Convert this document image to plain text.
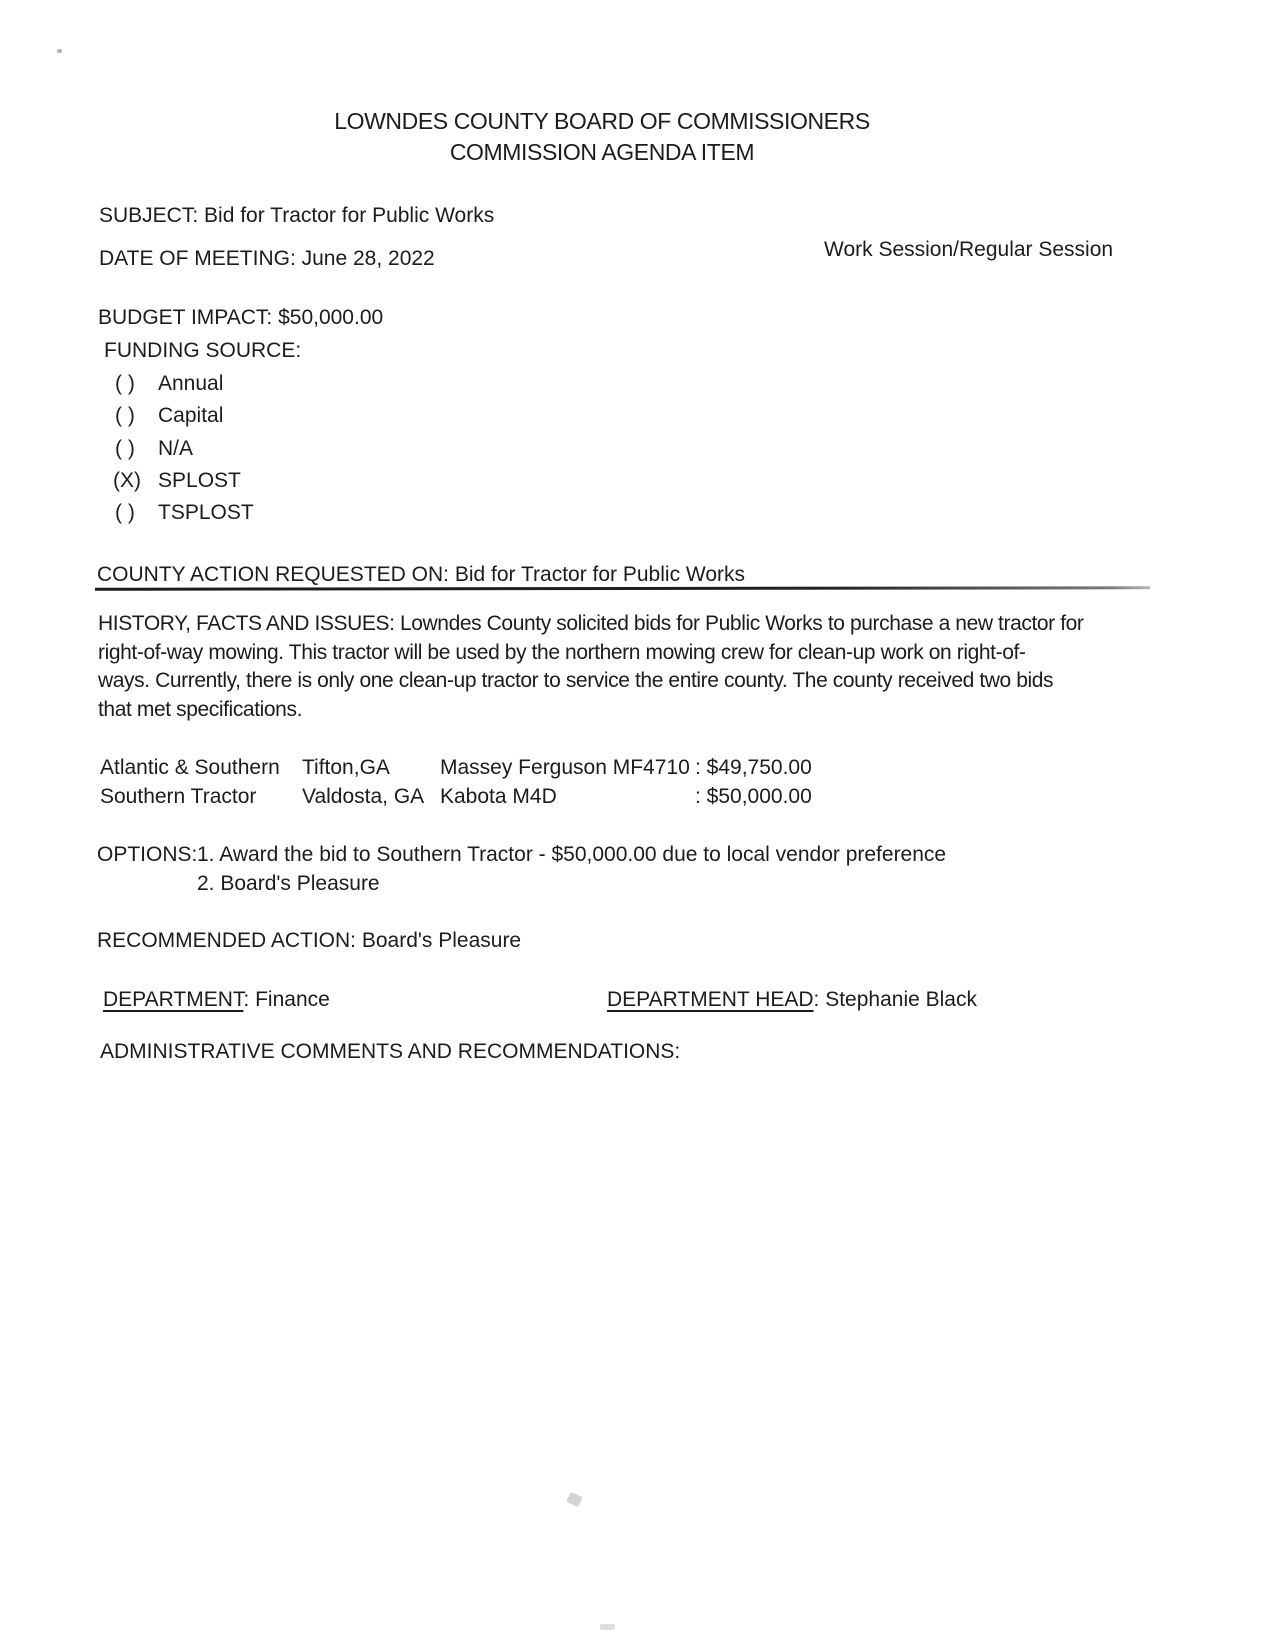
LOWNDES COUNTY BOARD OF COMMISSIONERS
COMMISSION AGENDA ITEM
SUBJECT: Bid for Tractor for Public Works
Work Session/Regular Session
DATE OF MEETING: June 28, 2022
BUDGET IMPACT: $50,000.00
FUNDING SOURCE:
( ) Annual
( ) Capital
( ) N/A
(X) SPLOST
( ) TSPLOST
COUNTY ACTION REQUESTED ON: Bid for Tractor for Public Works
HISTORY, FACTS AND ISSUES: Lowndes County solicited bids for Public Works to purchase a new tractor for
right-of-way mowing. This tractor will be used by the northern mowing crew for clean-up work on right-of-
ways. Currently, there is only one clean-up tractor to service the entire county. The county received two bids
that met specifications.
Atlantic & Southern Tifton,GA Massey Ferguson MF4710 : $49,750.00
Southern Tractor Valdosta, GA Kabota M4D	: $50,000.00
OPTIONS: 1. Award the bid to Southern Tractor - $50,000.00 due to local vendor preference
2. Board's Pleasure
RECOMMENDED ACTION: Board's Pleasure
DEPARTMENT: Finance	DEPARTMENT HEAD: Stephanie Black
ADMINISTRATIVE COMMENTS AND RECOMMENDATIONS:
